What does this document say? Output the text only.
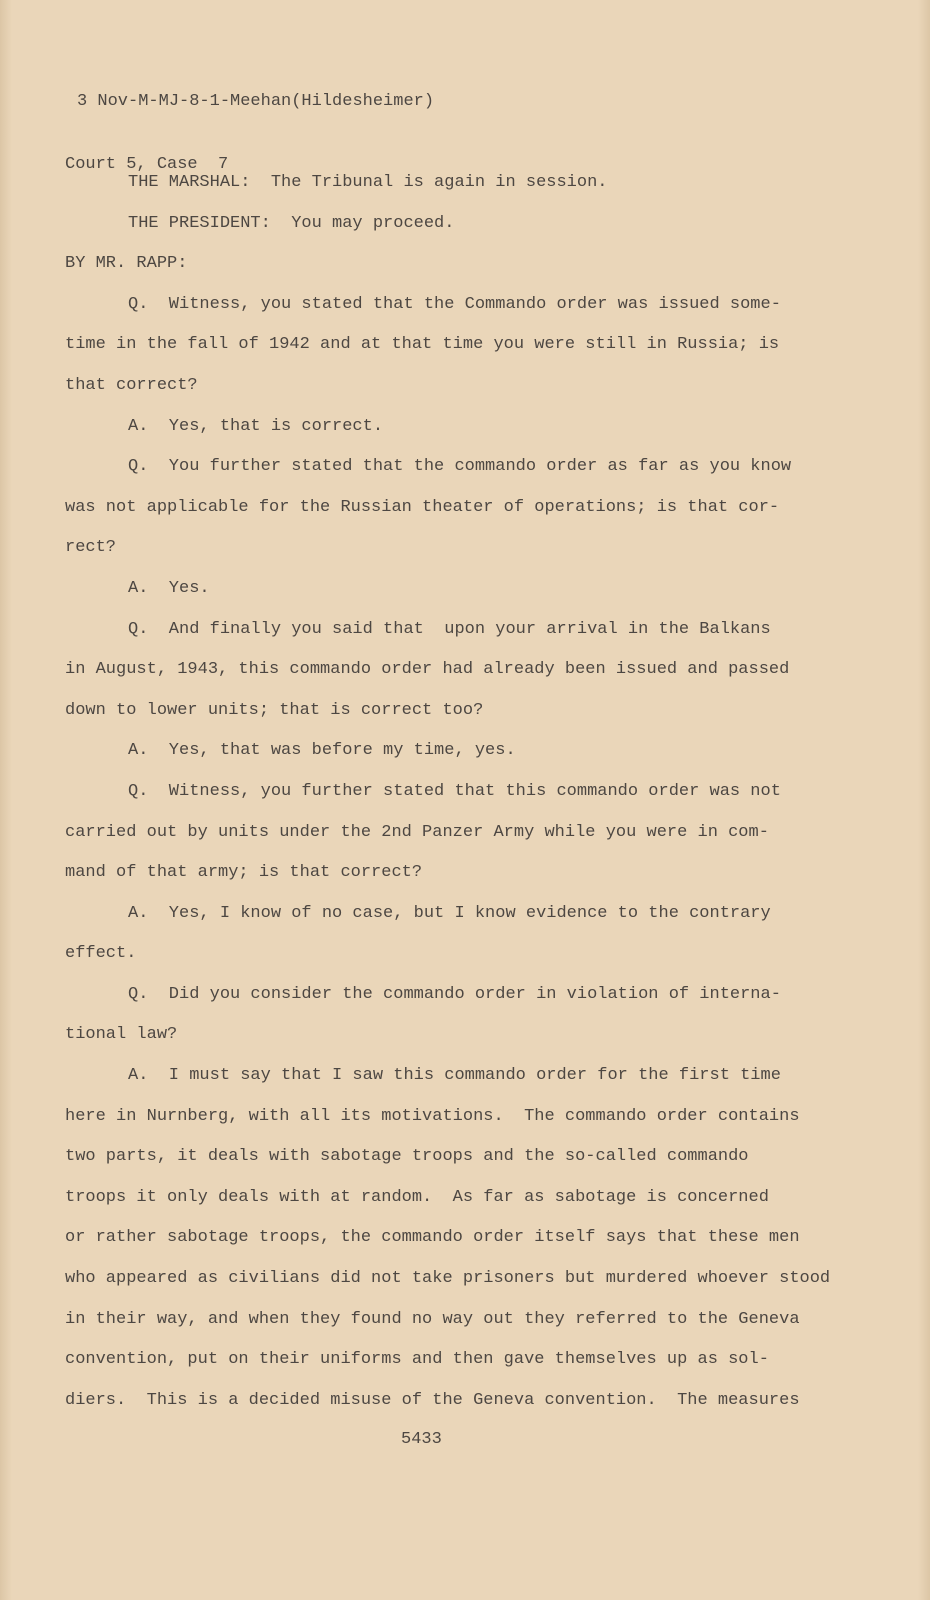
3 Nov-M-MJ-8-1-Meehan(Hildesheimer)

Court 5, Case  7

THE MARSHAL:  The Tribunal is again in session.
THE PRESIDENT:  You may proceed.
BY MR. RAPP:
Q.  Witness, you stated that the Commando order was issued some-
time in the fall of 1942 and at that time you were still in Russia; is
that correct?
A.  Yes, that is correct.
Q.  You further stated that the commando order as far as you know
was not applicable for the Russian theater of operations; is that cor-
rect?
A.  Yes.
Q.  And finally you said that  upon your arrival in the Balkans
in August, 1943, this commando order had already been issued and passed
down to lower units; that is correct too?
A.  Yes, that was before my time, yes.
Q.  Witness, you further stated that this commando order was not
carried out by units under the 2nd Panzer Army while you were in com-
mand of that army; is that correct?
A.  Yes, I know of no case, but I know evidence to the contrary
effect.
Q.  Did you consider the commando order in violation of interna-
tional law?
A.  I must say that I saw this commando order for the first time
here in Nurnberg, with all its motivations.  The commando order contains
two parts, it deals with sabotage troops and the so-called commando
troops it only deals with at random.  As far as sabotage is concerned
or rather sabotage troops, the commando order itself says that these men
who appeared as civilians did not take prisoners but murdered whoever stood
in their way, and when they found no way out they referred to the Geneva
convention, put on their uniforms and then gave themselves up as sol-
diers.  This is a decided misuse of the Geneva convention.  The measures
5433
